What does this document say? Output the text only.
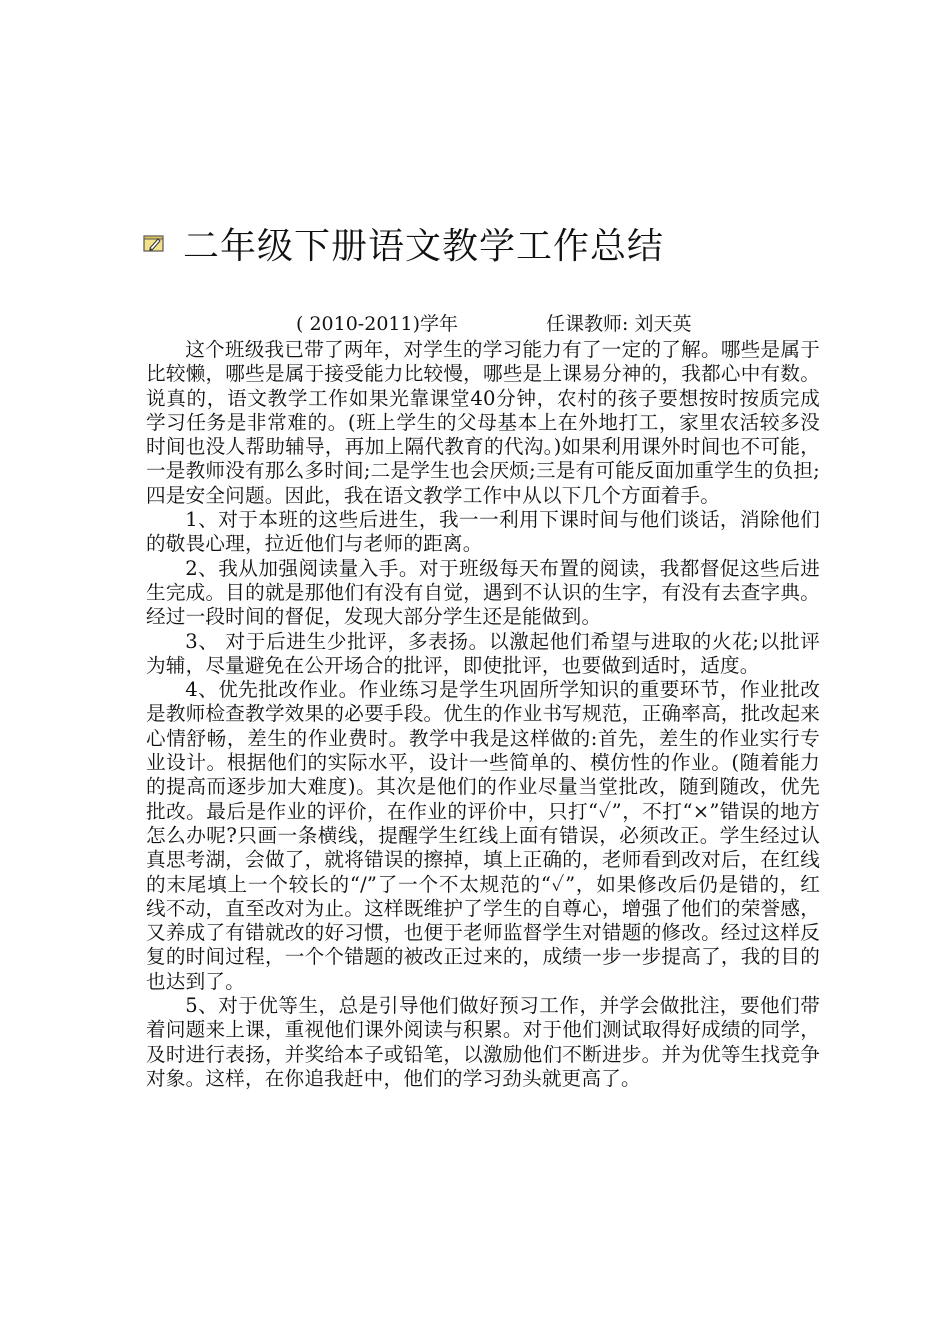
二年级下册语文教学工作总结
( 2010-2011)学年	任课教师: 刘天英

这个班级我已带了两年，对学生的学习能力有了一定的了解。哪些是属于比较懒，哪些是属于接受能力比较慢，哪些是上课易分神的，我都心中有数。说真的，语文教学工作如果光靠课堂40分钟，农村的孩子要想按时按质完成学习任务是非常难的。(班上学生的父母基本上在外地打工，家里农活较多没时间也没人帮助辅导，再加上隔代教育的代沟。)如果利用课外时间也不可能，一是教师没有那么多时间;二是学生也会厌烦;三是有可能反面加重学生的负担;四是安全问题。因此，我在语文教学工作中从以下几个方面着手。

1、对于本班的这些后进生，我一一利用下课时间与他们谈话，消除他们的敬畏心理，拉近他们与老师的距离。

2、我从加强阅读量入手。对于班级每天布置的阅读，我都督促这些后进生完成。目的就是那他们有没有自觉，遇到不认识的生字，有没有去查字典。经过一段时间的督促，发现大部分学生还是能做到。

3、 对于后进生少批评，多表扬。以激起他们希望与进取的火花;以批评为辅，尽量避免在公开场合的批评，即使批评，也要做到适时，适度。

4、优先批改作业。作业练习是学生巩固所学知识的重要环节，作业批改是教师检查教学效果的必要手段。优生的作业书写规范，正确率高，批改起来心情舒畅，差生的作业费时。教学中我是这样做的:首先，差生的作业实行专业设计。根据他们的实际水平，设计一些简单的、模仿性的作业。(随着能力的提高而逐步加大难度)。其次是他们的作业尽量当堂批改，随到随改，优先批改。最后是作业的评价，在作业的评价中，只打“✓”，不打“×”错误的地方怎么办呢?只画一条横线，提醒学生红线上面有错误，必须改正。学生经过认真思考湖，会做了，就将错误的擦掉，填上正确的，老师看到改对后，在红线的末尾填上一个较长的“/”了一个不太规范的“✓”，如果修改后仍是错的，红线不动，直至改对为止。这样既维护了学生的自尊心，增强了他们的荣誉感，又养成了有错就改的好习惯，也便于老师监督学生对错题的修改。经过这样反复的时间过程，一个个错题的被改正过来的，成绩一步一步提高了，我的目的也达到了。

5、对于优等生，总是引导他们做好预习工作，并学会做批注，要他们带着问题来上课，重视他们课外阅读与积累。对于他们测试取得好成绩的同学，及时进行表扬，并奖给本子或铅笔，以激励他们不断进步。并为优等生找竞争对象。这样，在你追我赶中，他们的学习劲头就更高了。
